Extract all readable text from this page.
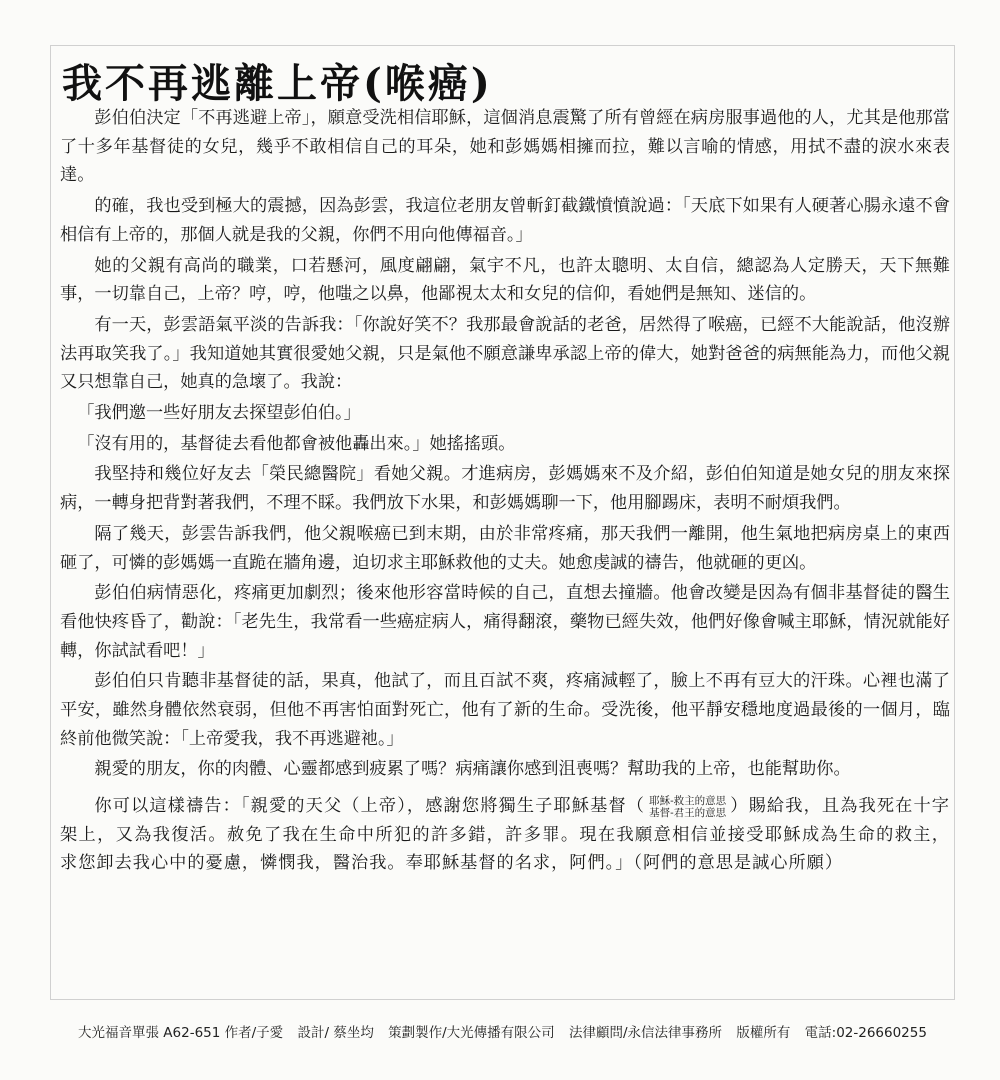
我不再逃離上帝(喉癌)

彭伯伯決定「不再逃避上帝」，願意受洗相信耶穌，這個消息震驚了所有曾經在病房服事過他的人，尤其是他那當了十多年基督徒的女兒，幾乎不敢相信自己的耳朵，她和彭媽媽相擁而拉，難以言喻的情感，用拭不盡的淚水來表達。

的確，我也受到極大的震撼，因為彭雲，我這位老朋友曾斬釘截鐵憤憤說過：「天底下如果有人硬著心腸永遠不會相信有上帝的，那個人就是我的父親，你們不用向他傳福音。」

她的父親有高尚的職業，口若懸河，風度翩翩，氣宇不凡，也許太聰明、太自信，總認為人定勝天，天下無難事，一切靠自己，上帝？哼，哼，他嗤之以鼻，他鄙視太太和女兒的信仰，看她們是無知、迷信的。

有一天，彭雲語氣平淡的告訴我：「你說好笑不？我那最會說話的老爸，居然得了喉癌，已經不大能說話，他沒辦法再取笑我了。」我知道她其實很愛她父親，只是氣他不願意謙卑承認上帝的偉大，她對爸爸的病無能為力，而他父親又只想靠自己，她真的急壞了。我說：

「我們邀一些好朋友去探望彭伯伯。」

「沒有用的，基督徒去看他都會被他轟出來。」她搖搖頭。

我堅持和幾位好友去「榮民總醫院」看她父親。才進病房，彭媽媽來不及介紹，彭伯伯知道是她女兒的朋友來探病，一轉身把背對著我們，不理不睬。我們放下水果，和彭媽媽聊一下，他用腳踢床，表明不耐煩我們。

隔了幾天，彭雲告訴我們，他父親喉癌已到末期，由於非常疼痛，那天我們一離開，他生氣地把病房桌上的東西砸了，可憐的彭媽媽一直跪在牆角邊，迫切求主耶穌救他的丈夫。她愈虔誠的禱告，他就砸的更凶。

彭伯伯病情惡化，疼痛更加劇烈；後來他形容當時候的自己，直想去撞牆。他會改變是因為有個非基督徒的醫生看他快疼昏了，勸說：「老先生，我常看一些癌症病人，痛得翻滾，藥物已經失效，他們好像會喊主耶穌，情況就能好轉，你試試看吧！」

彭伯伯只肯聽非基督徒的話，果真，他試了，而且百試不爽，疼痛減輕了，臉上不再有豆大的汗珠。心裡也滿了平安，雖然身體依然衰弱，但他不再害怕面對死亡，他有了新的生命。受洗後，他平靜安穩地度過最後的一個月，臨終前他微笑說：「上帝愛我，我不再逃避祂。」

親愛的朋友，你的肉體、心靈都感到疲累了嗎？病痛讓你感到沮喪嗎？幫助我的上帝，也能幫助你。

你可以這樣禱告：「親愛的天父（上帝），感謝您將獨生子耶穌基督（ 耶穌-救主的意思
基督-君王的意思 ）賜給我，且為我死在十字架上，又為我復活。赦免了我在生命中所犯的許多錯，許多罪。現在我願意相信並接受耶穌成為生命的救主，求您卸去我心中的憂慮，憐憫我，醫治我。奉耶穌基督的名求，阿們。」（阿們的意思是誠心所願）

大光福音單張 A62-651 作者/子愛 設計/ 蔡坐均 策劃製作/大光傳播有限公司 法律顧問/永信法律事務所 版權所有 電話:02-26660255
